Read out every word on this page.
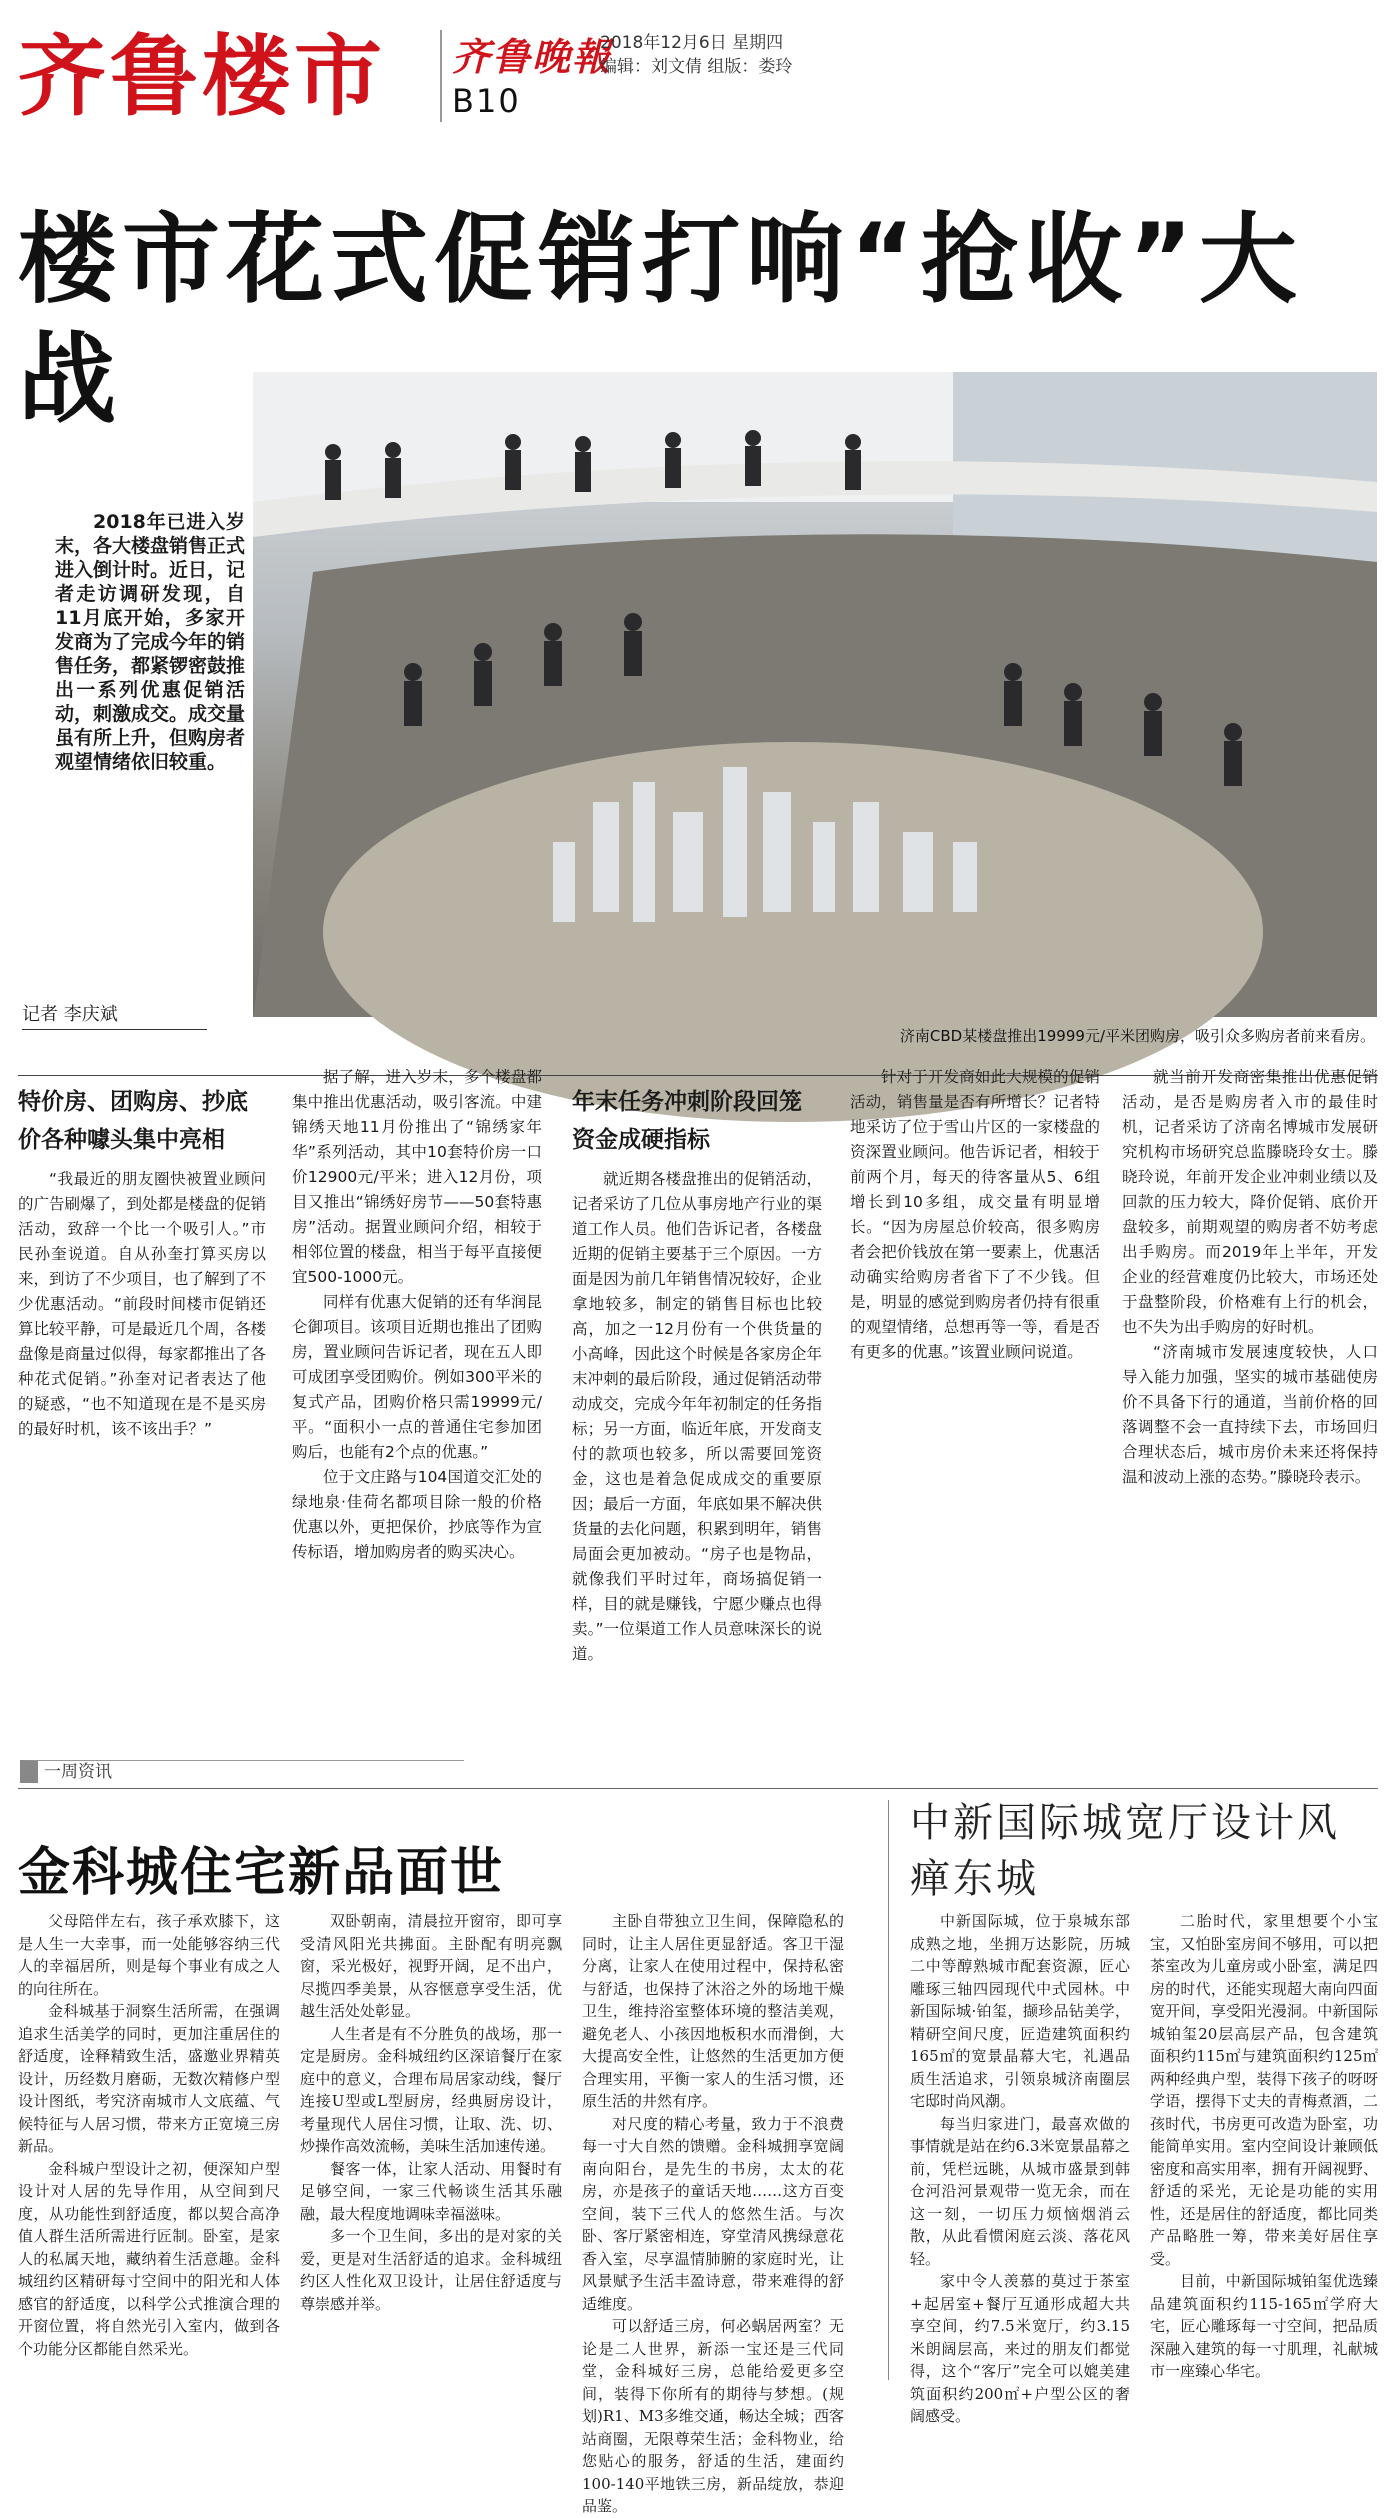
齐鲁楼市	齐鲁晚報
2018年12月6日 星期四
编辑：刘文倩 组版：娄玲
B10
楼市花式促销打响“抢收”大战
济南CBD某楼盘推出19999元/平米团购房，吸引众多购房者前来看房。
2018年已进入岁末，各大楼盘销售正式进入倒计时。近日，记者走访调研发现，自11月底开始，多家开发商为了完成今年的销售任务，都紧锣密鼓推出一系列优惠促销活动，刺激成交。成交量虽有所上升，但购房者观望情绪依旧较重。
记者 李庆斌
特价房、团购房、抄底价各种噱头集中亮相

“我最近的朋友圈快被置业顾问的广告刷爆了，到处都是楼盘的促销活动，致辞一个比一个吸引人。”市民孙奎说道。自从孙奎打算买房以来，到访了不少项目，也了解到了不少优惠活动。“前段时间楼市促销还算比较平静，可是最近几个周，各楼盘像是商量过似得，每家都推出了各种花式促销。”孙奎对记者表达了他的疑惑，“也不知道现在是不是买房的最好时机，该不该出手？”

据了解，进入岁末，多个楼盘都集中推出优惠活动，吸引客流。中建锦绣天地11月份推出了“锦绣家年华”系列活动，其中10套特价房一口价12900元/平米；进入12月份，项目又推出“锦绣好房节——50套特惠房”活动。据置业顾问介绍，相较于相邻位置的楼盘，相当于每平直接便宜500-1000元。

同样有优惠大促销的还有华润昆仑御项目。该项目近期也推出了团购房，置业顾问告诉记者，现在五人即可成团享受团购价。例如300平米的复式产品，团购价格只需19999元/平。“面积小一点的普通住宅参加团购后，也能有2个点的优惠。”

位于文庄路与104国道交汇处的绿地泉·佳荷名都项目除一般的价格优惠以外，更把保价，抄底等作为宣传标语，增加购房者的购买决心。

年末任务冲刺阶段回笼资金成硬指标

就近期各楼盘推出的促销活动，记者采访了几位从事房地产行业的渠道工作人员。他们告诉记者，各楼盘近期的促销主要基于三个原因。一方面是因为前几年销售情况较好，企业拿地较多，制定的销售目标也比较高，加之一12月份有一个供货量的小高峰，因此这个时候是各家房企年末冲刺的最后阶段，通过促销活动带动成交，完成今年年初制定的任务指标；另一方面，临近年底，开发商支付的款项也较多，所以需要回笼资金，这也是着急促成成交的重要原因；最后一方面，年底如果不解决供货量的去化问题，积累到明年，销售局面会更加被动。“房子也是物品，就像我们平时过年，商场搞促销一样，目的就是赚钱，宁愿少赚点也得卖。”一位渠道工作人员意味深长的说道。

针对于开发商如此大规模的促销活动，销售量是否有所增长？记者特地采访了位于雪山片区的一家楼盘的资深置业顾问。他告诉记者，相较于前两个月，每天的待客量从5、6组增长到10多组，成交量有明显增长。“因为房屋总价较高，很多购房者会把价钱放在第一要素上，优惠活动确实给购房者省下了不少钱。但是，明显的感觉到购房者仍持有很重的观望情绪，总想再等一等，看是否有更多的优惠。”该置业顾问说道。

就当前开发商密集推出优惠促销活动，是否是购房者入市的最佳时机，记者采访了济南名博城市发展研究机构市场研究总监滕晓玲女士。滕晓玲说，年前开发企业冲刺业绩以及回款的压力较大，降价促销、底价开盘较多，前期观望的购房者不妨考虑出手购房。而2019年上半年，开发企业的经营难度仍比较大，市场还处于盘整阶段，价格难有上行的机会，也不失为出手购房的好时机。

“济南城市发展速度较快，人口导入能力加强，坚实的城市基础使房价不具备下行的通道，当前价格的回落调整不会一直持续下去，市场回归合理状态后，城市房价未来还将保持温和波动上涨的态势。”滕晓玲表示。

一周资讯
金科城住宅新品面世

父母陪伴左右，孩子承欢膝下，这是人生一大幸事，而一处能够容纳三代人的幸福居所，则是每个事业有成之人的向往所在。

金科城基于洞察生活所需，在强调追求生活美学的同时，更加注重居住的舒适度，诠释精致生活，盛邀业界精英设计，历经数月磨砺，无数次精修户型设计图纸，考究济南城市人文底蕴、气候特征与人居习惯，带来方正宽境三房新品。

金科城户型设计之初，便深知户型设计对人居的先导作用，从空间到尺度，从功能性到舒适度，都以契合高净值人群生活所需进行匠制。卧室，是家人的私属天地，藏纳着生活意趣。金科城纽约区精研每寸空间中的阳光和人体感官的舒适度，以科学公式推演合理的开窗位置，将自然光引入室内，做到各个功能分区都能自然采光。

双卧朝南，清晨拉开窗帘，即可享受清风阳光共拂面。主卧配有明亮飘窗，采光极好，视野开阔，足不出户，尽揽四季美景，从容惬意享受生活，优越生活处处彰显。

人生者是有不分胜负的战场，那一定是厨房。金科城纽约区深谙餐厅在家庭中的意义，合理布局居家动线，餐厅连接U型或L型厨房，经典厨房设计，考量现代人居住习惯，让取、洗、切、炒操作高效流畅，美味生活加速传递。

餐客一体，让家人活动、用餐时有足够空间，一家三代畅谈生活其乐融融，最大程度地调味幸福滋味。

多一个卫生间，多出的是对家的关爱，更是对生活舒适的追求。金科城纽约区人性化双卫设计，让居住舒适度与尊崇感并举。

主卧自带独立卫生间，保障隐私的同时，让主人居住更显舒适。客卫干湿分离，让家人在使用过程中，保持私密与舒适，也保持了沐浴之外的场地干燥卫生，维持浴室整体环境的整洁美观，避免老人、小孩因地板积水而滑倒，大大提高安全性，让悠然的生活更加方便合理实用，平衡一家人的生活习惯，还原生活的井然有序。

对尺度的精心考量，致力于不浪费每一寸大自然的馈赠。金科城拥享宽阔南向阳台，是先生的书房，太太的花房，亦是孩子的童话天地……这方百变空间，装下三代人的悠然生活。与次卧、客厅紧密相连，穿堂清风携绿意花香入室，尽享温情肺腑的家庭时光，让风景赋予生活丰盈诗意，带来难得的舒适维度。

可以舒适三房，何必蜗居两室？无论是二人世界，新添一宝还是三代同堂，金科城好三房，总能给爱更多空间，装得下你所有的期待与梦想。(规划)R1、M3多维交通，畅达全城；西客站商圈，无限尊荣生活；金科物业，给您贴心的服务，舒适的生活，建面约100-140平地铁三房，新品绽放，恭迎品鉴。

中新国际城宽厅设计风瘅东城

中新国际城，位于泉城东部成熟之地，坐拥万达影院，历城二中等醇熟城市配套资源，匠心雕琢三轴四园现代中式园林。中新国际城·铂玺，撷珍品钻美学，精研空间尺度，匠造建筑面积约165㎡的宽景晶幕大宅，礼遇品质生活追求，引领泉城济南圈层宅邸时尚风潮。

每当归家进门，最喜欢做的事情就是站在约6.3米宽景晶幕之前，凭栏远眺，从城市盛景到韩仓河沿河景观带一览无余，而在这一刻，一切压力烦恼烟消云散，从此看惯闲庭云淡、落花风轻。

家中令人羡慕的莫过于茶室+起居室+餐厅互通形成超大共享空间，约7.5米宽厅，约3.15米朗阔层高，来过的朋友们都觉得，这个“客厅”完全可以媲美建筑面积约200㎡+户型公区的奢阔感受。

二胎时代，家里想要个小宝宝，又怕卧室房间不够用，可以把茶室改为儿童房或小卧室，满足四房的时代，还能实现超大南向四面宽开间，享受阳光漫洞。中新国际城铂玺20层高层产品，包含建筑面积约115㎡与建筑面积约125㎡两种经典户型，装得下孩子的呀呀学语，摆得下丈夫的青梅煮酒，二孩时代，书房更可改造为卧室，功能简单实用。室内空间设计兼顾低密度和高实用率，拥有开阔视野、舒适的采光，无论是功能的实用性，还是居住的舒适度，都比同类产品略胜一筹，带来美好居住享受。

目前，中新国际城铂玺优选臻品建筑面积约115-165㎡学府大宅，匠心雕琢每一寸空间，把品质深融入建筑的每一寸肌理，礼献城市一座臻心华宅。
